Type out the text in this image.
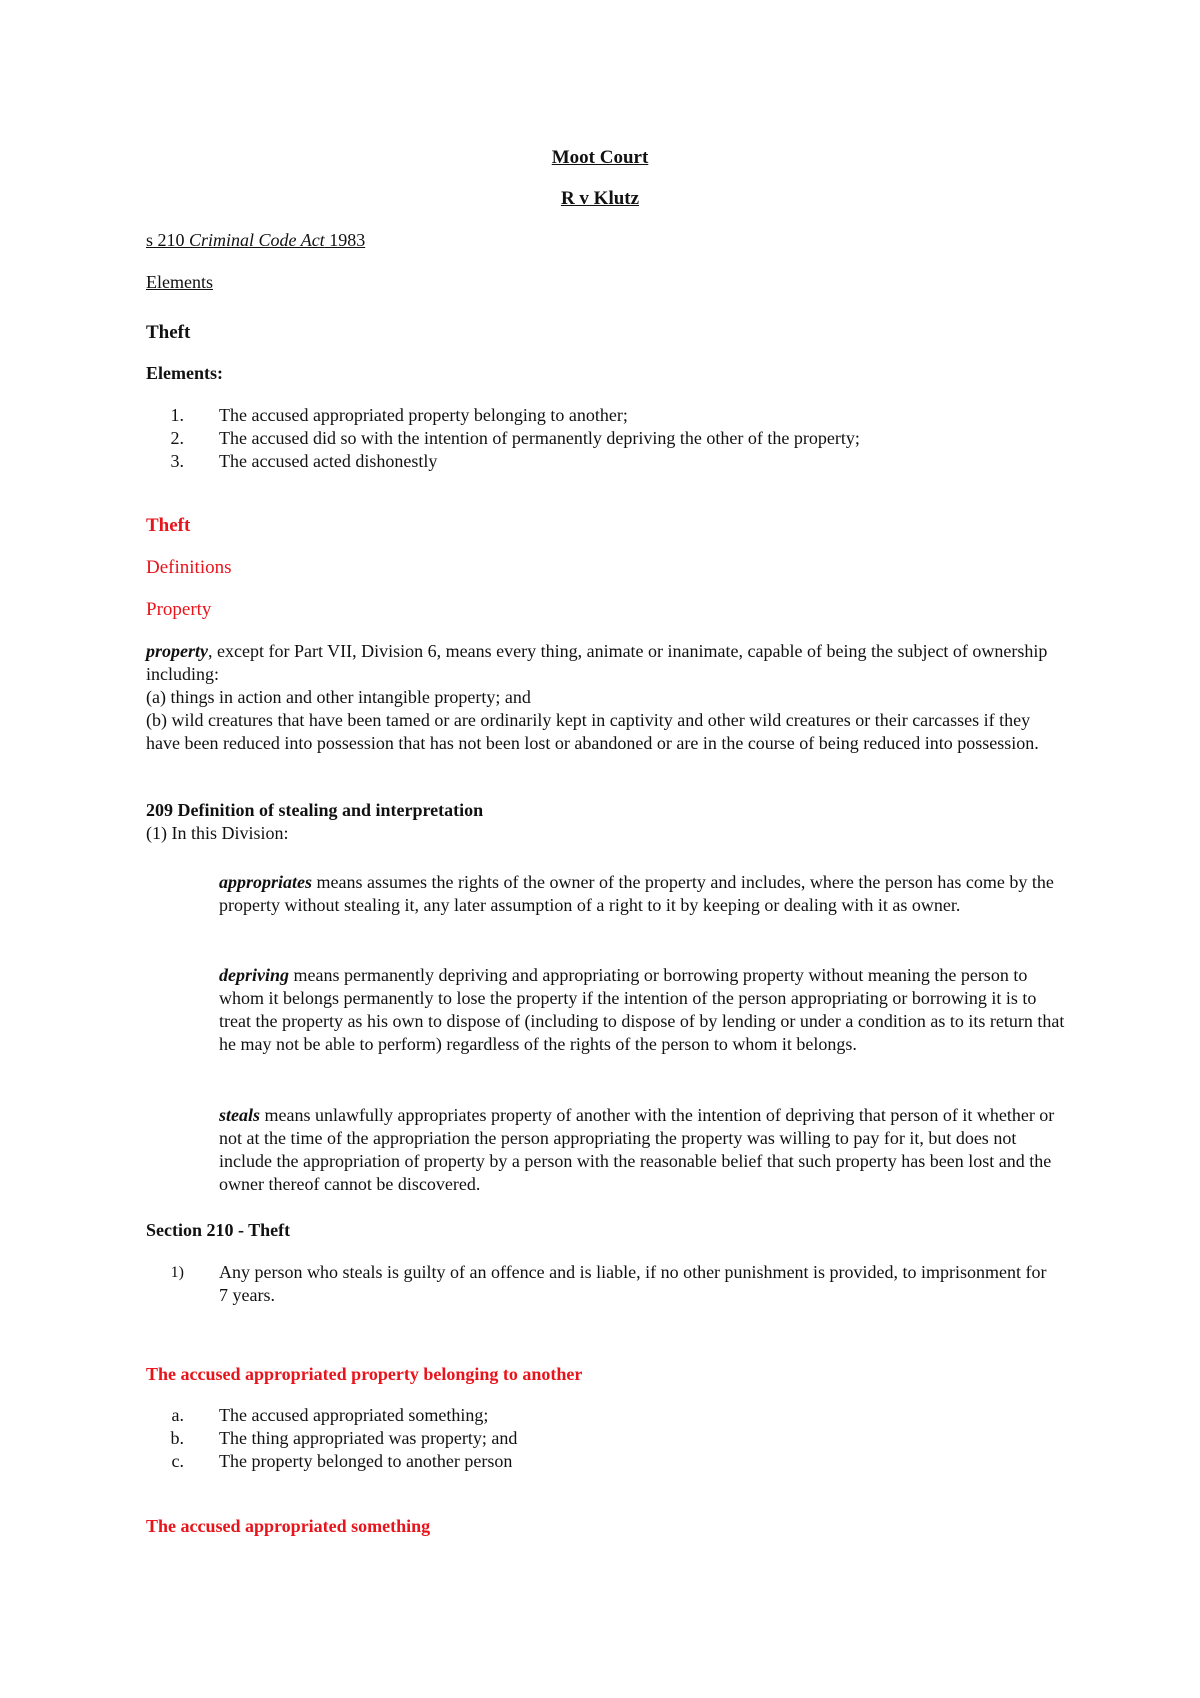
Moot Court

R v Klutz

s 210 Criminal Code Act 1983

Elements

Theft

Elements:

1. The accused appropriated property belonging to another;
2. The accused did so with the intention of permanently depriving the other of the property;
3. The accused acted dishonestly

Theft

Definitions

Property

property, except for Part VII, Division 6, means every thing, animate or inanimate, capable of being the subject of ownership including:
(a) things in action and other intangible property; and
(b) wild creatures that have been tamed or are ordinarily kept in captivity and other wild creatures or their carcasses if they have been reduced into possession that has not been lost or abandoned or are in the course of being reduced into possession.

209 Definition of stealing and interpretation

(1) In this Division:

appropriates means assumes the rights of the owner of the property and includes, where the person has come by the property without stealing it, any later assumption of a right to it by keeping or dealing with it as owner.

depriving means permanently depriving and appropriating or borrowing property without meaning the person to whom it belongs permanently to lose the property if the intention of the person appropriating or borrowing it is to treat the property as his own to dispose of (including to dispose of by lending or under a condition as to its return that he may not be able to perform) regardless of the rights of the person to whom it belongs.

steals means unlawfully appropriates property of another with the intention of depriving that person of it whether or not at the time of the appropriation the person appropriating the property was willing to pay for it, but does not include the appropriation of property by a person with the reasonable belief that such property has been lost and the owner thereof cannot be discovered.

Section 210 - Theft

1) Any person who steals is guilty of an offence and is liable, if no other punishment is provided, to imprisonment for 7 years.

The accused appropriated property belonging to another

a. The accused appropriated something;
b. The thing appropriated was property; and
c. The property belonged to another person

The accused appropriated something
